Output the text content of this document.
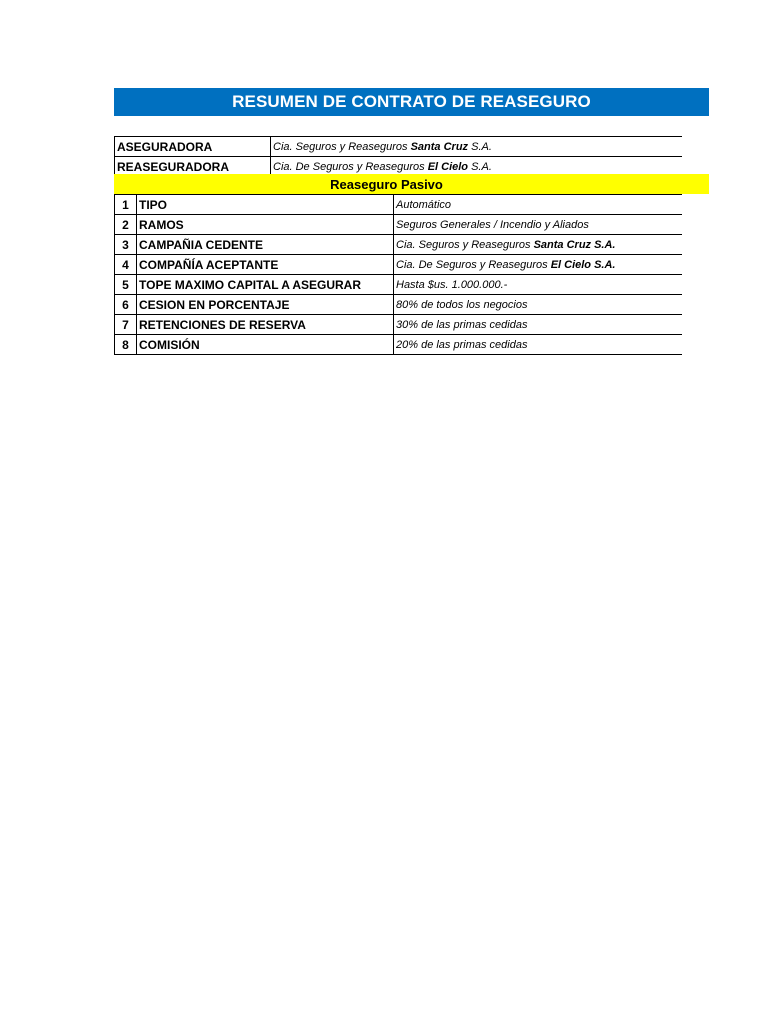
RESUMEN DE CONTRATO DE REASEGURO
ASEGURADORA	Cia. Seguros y Reaseguros Santa Cruz S.A.
REASEGURADORA	Cia. De Seguros y Reaseguros El Cielo S.A.
Reaseguro Pasivo
1	TIPO	Automático
2	RAMOS	Seguros Generales / Incendio y Aliados
3	CAMPAÑIA CEDENTE	Cia. Seguros y Reaseguros Santa Cruz S.A.
4	COMPAÑÍA ACEPTANTE	Cia. De Seguros y Reaseguros El Cielo S.A.
5	TOPE MAXIMO CAPITAL A ASEGURAR	Hasta $us. 1.000.000.-
6	CESION EN PORCENTAJE	80% de todos los negocios
7	RETENCIONES DE RESERVA	30% de las primas cedidas
8	COMISIÓN	20% de las primas cedidas
